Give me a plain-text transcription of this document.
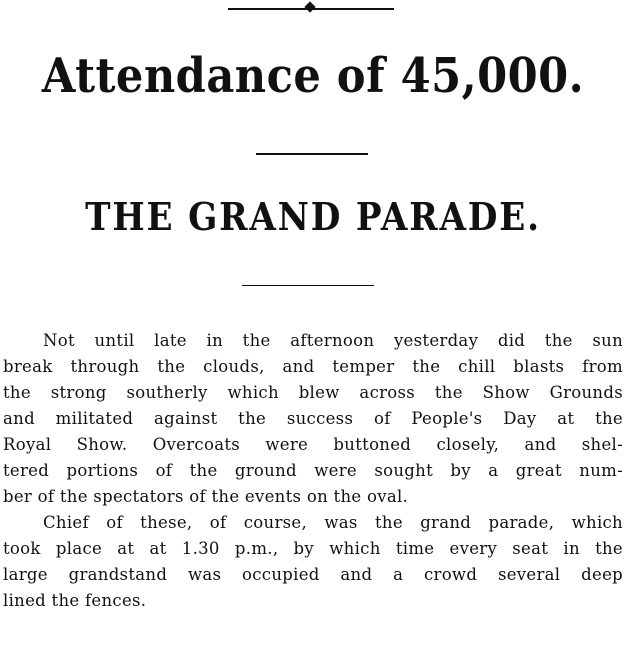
Attendance of 45,000.
THE GRAND PARADE.
Not until late in the afternoon yesterday did the sun
break through the clouds, and temper the chill blasts from
the strong southerly which blew across the Show Grounds
and militated against the success of People's Day at the
Royal Show. Overcoats were buttoned closely, and shel-
tered portions of the ground were sought by a great num-
ber of the spectators of the events on the oval.
Chief of these, of course, was the grand parade, which
took place at at 1.30 p.m., by which time every seat in the
large grandstand was occupied and a crowd several deep
lined the fences.
